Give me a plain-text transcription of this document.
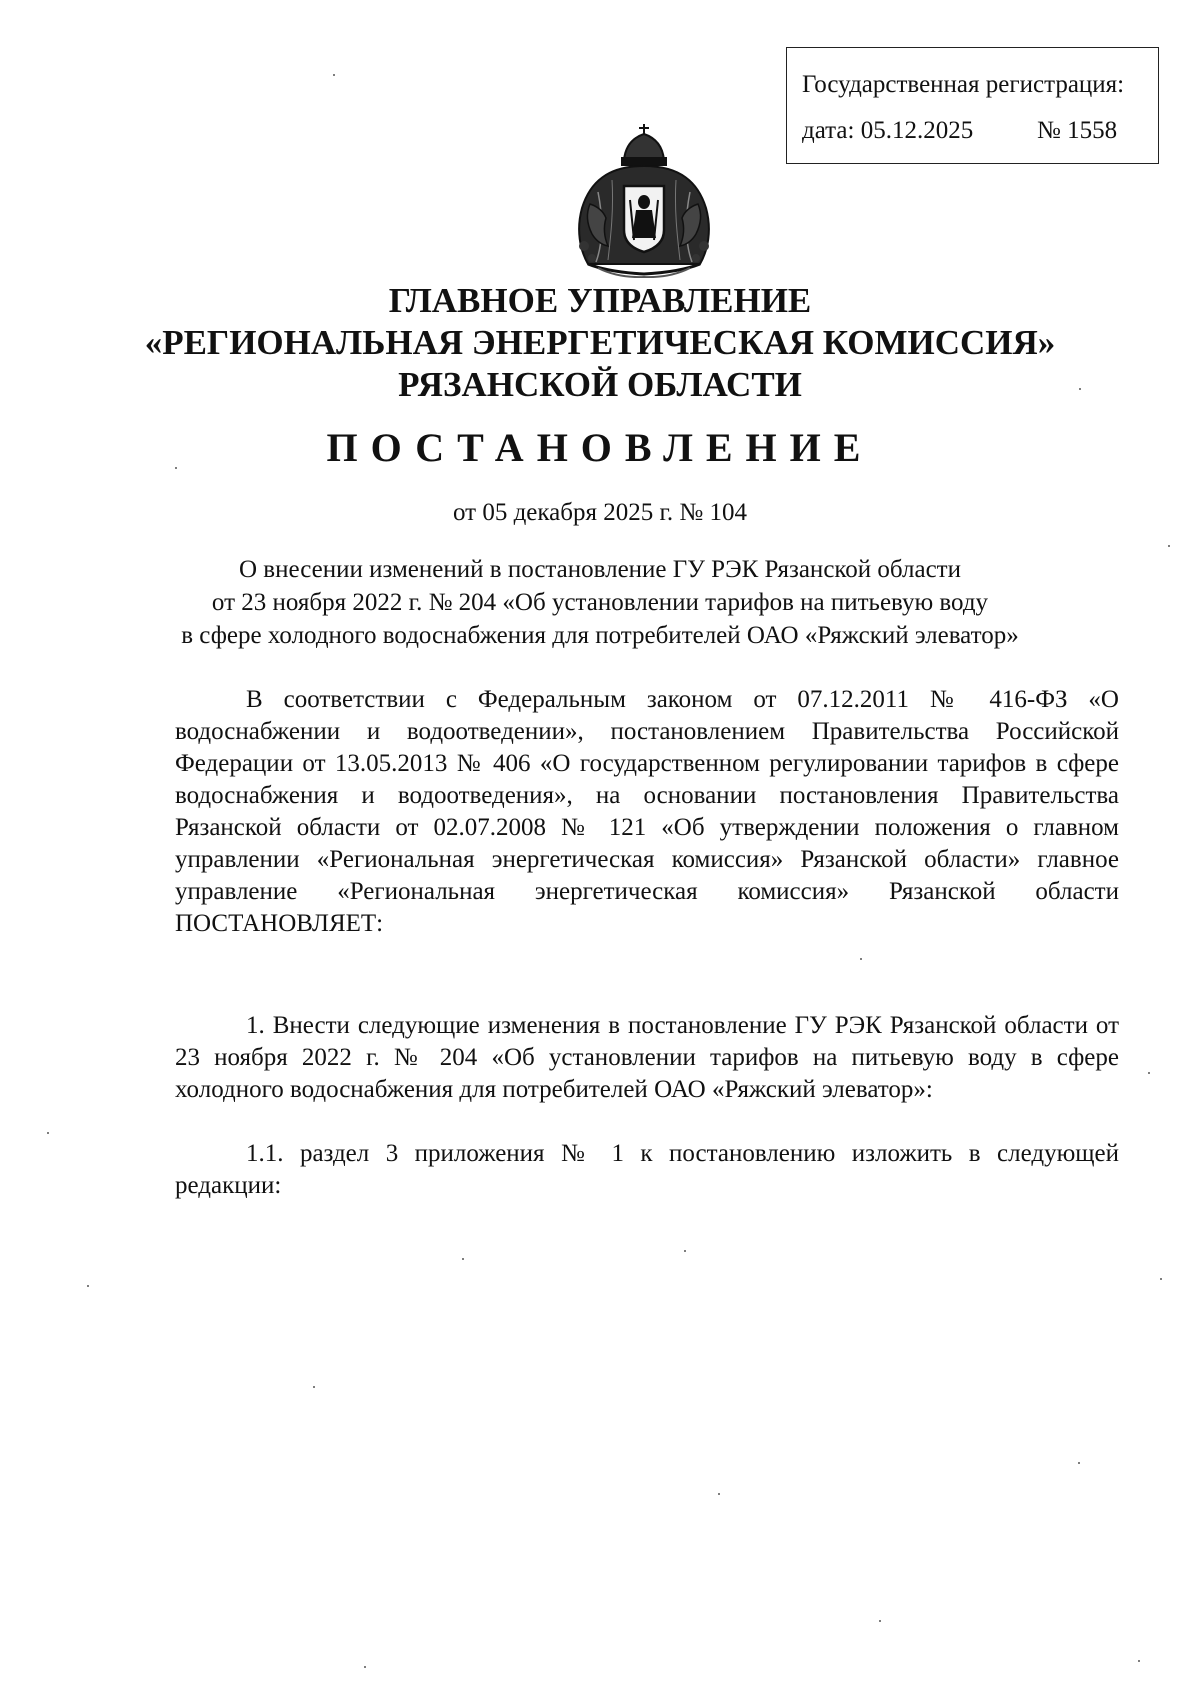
Государственная регистрация:
дата: 05.12.2025	№ 1558
ГЛАВНОЕ УПРАВЛЕНИЕ
«РЕГИОНАЛЬНАЯ ЭНЕРГЕТИЧЕСКАЯ КОМИССИЯ»
РЯЗАНСКОЙ ОБЛАСТИ
ПОСТАНОВЛЕНИЕ
от 05 декабря 2025 г. № 104
О внесении изменений в постановление ГУ РЭК Рязанской области
от 23 ноября 2022 г. № 204 «Об установлении тарифов на питьевую воду
в сфере холодного водоснабжения для потребителей ОАО «Ряжский элеватор»

В соответствии с Федеральным законом от 07.12.2011 № 416-ФЗ «О водоснабжении и водоотведении», постановлением Правительства Российской Федерации от 13.05.2013 № 406 «О государственном регулировании тарифов в сфере водоснабжения и водоотведения», на основании постановления Правительства Рязанской области от 02.07.2008 № 121 «Об утверждении положения о главном управлении «Региональная энергетическая комиссия» Рязанской области» главное управление «Региональная энергетическая комиссия» Рязанской области ПОСТАНОВЛЯЕТ:

1. Внести следующие изменения в постановление ГУ РЭК Рязанской области от 23 ноября 2022 г. № 204 «Об установлении тарифов на питьевую воду в сфере холодного водоснабжения для потребителей ОАО «Ряжский элеватор»:

1.1. раздел 3 приложения № 1 к постановлению изложить в следующей редакции:
